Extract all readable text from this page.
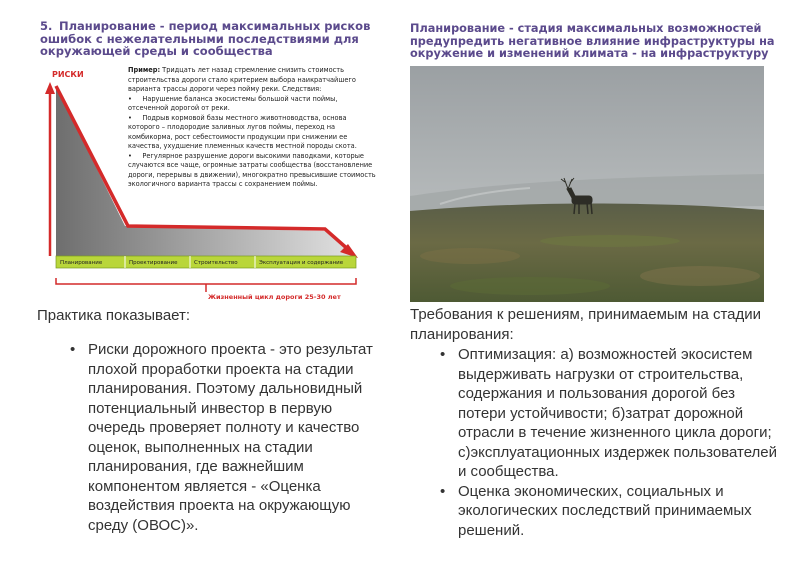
5. Планирование - период максимальных рисков ошибок с нежелательными последствиями для окружающей среды и сообщества
РИСКИ	Пример: Тридцать лет назад стремление снизить стоимость строительства дороги стало критерием выбора наикратчайшего варианта трассы дороги через пойму реки. Следствия:
•     Нарушение баланса экосистемы большой части поймы, отсеченной дорогой от реки.
•     Подрыв кормовой базы местного животноводства, основа которого – плодородие заливных лугов поймы, переход на комбикорма, рост себестоимости продукции при снижении ее качества, ухудшение племенных качеств местной породы скота.
•     Регулярное разрушение дороги высокими паводками, которые случаются все чаще, огромные затраты сообщества (восстановление дороги, перерывы в движении), многократно превысившие стоимость экологичного варианта трассы с сохранением поймы.
Планирование	Проектирование	Строительство	Эксплуатация и содержание
Жизненный цикл дороги 25-30 лет
Практика показывает:
• Риски дорожного проекта - это результат плохой проработки проекта на стадии планирования. Поэтому дальновидный потенциальный инвестор в первую очередь проверяет полноту и качество оценок, выполненных на стадии планирования, где важнейшим компонентом является - «Оценка воздействия проекта на окружающую среду (ОВОС)».
Планирование - стадия максимальных возможностей предупредить негативное влияние инфраструктуры на окружение и изменений климата - на инфраструктуру
Требования к решениям, принимаемым на стадии планирования:
• Оптимизация: а) возможностей экосистем выдерживать нагрузки от строительства, содержания и пользования дорогой без потери устойчивости; б)затрат дорожной отрасли в течение жизненного цикла дороги; с)эксплуатационных издержек пользователей и сообщества.
• Оценка экономических, социальных и экологических последствий принимаемых решений.
